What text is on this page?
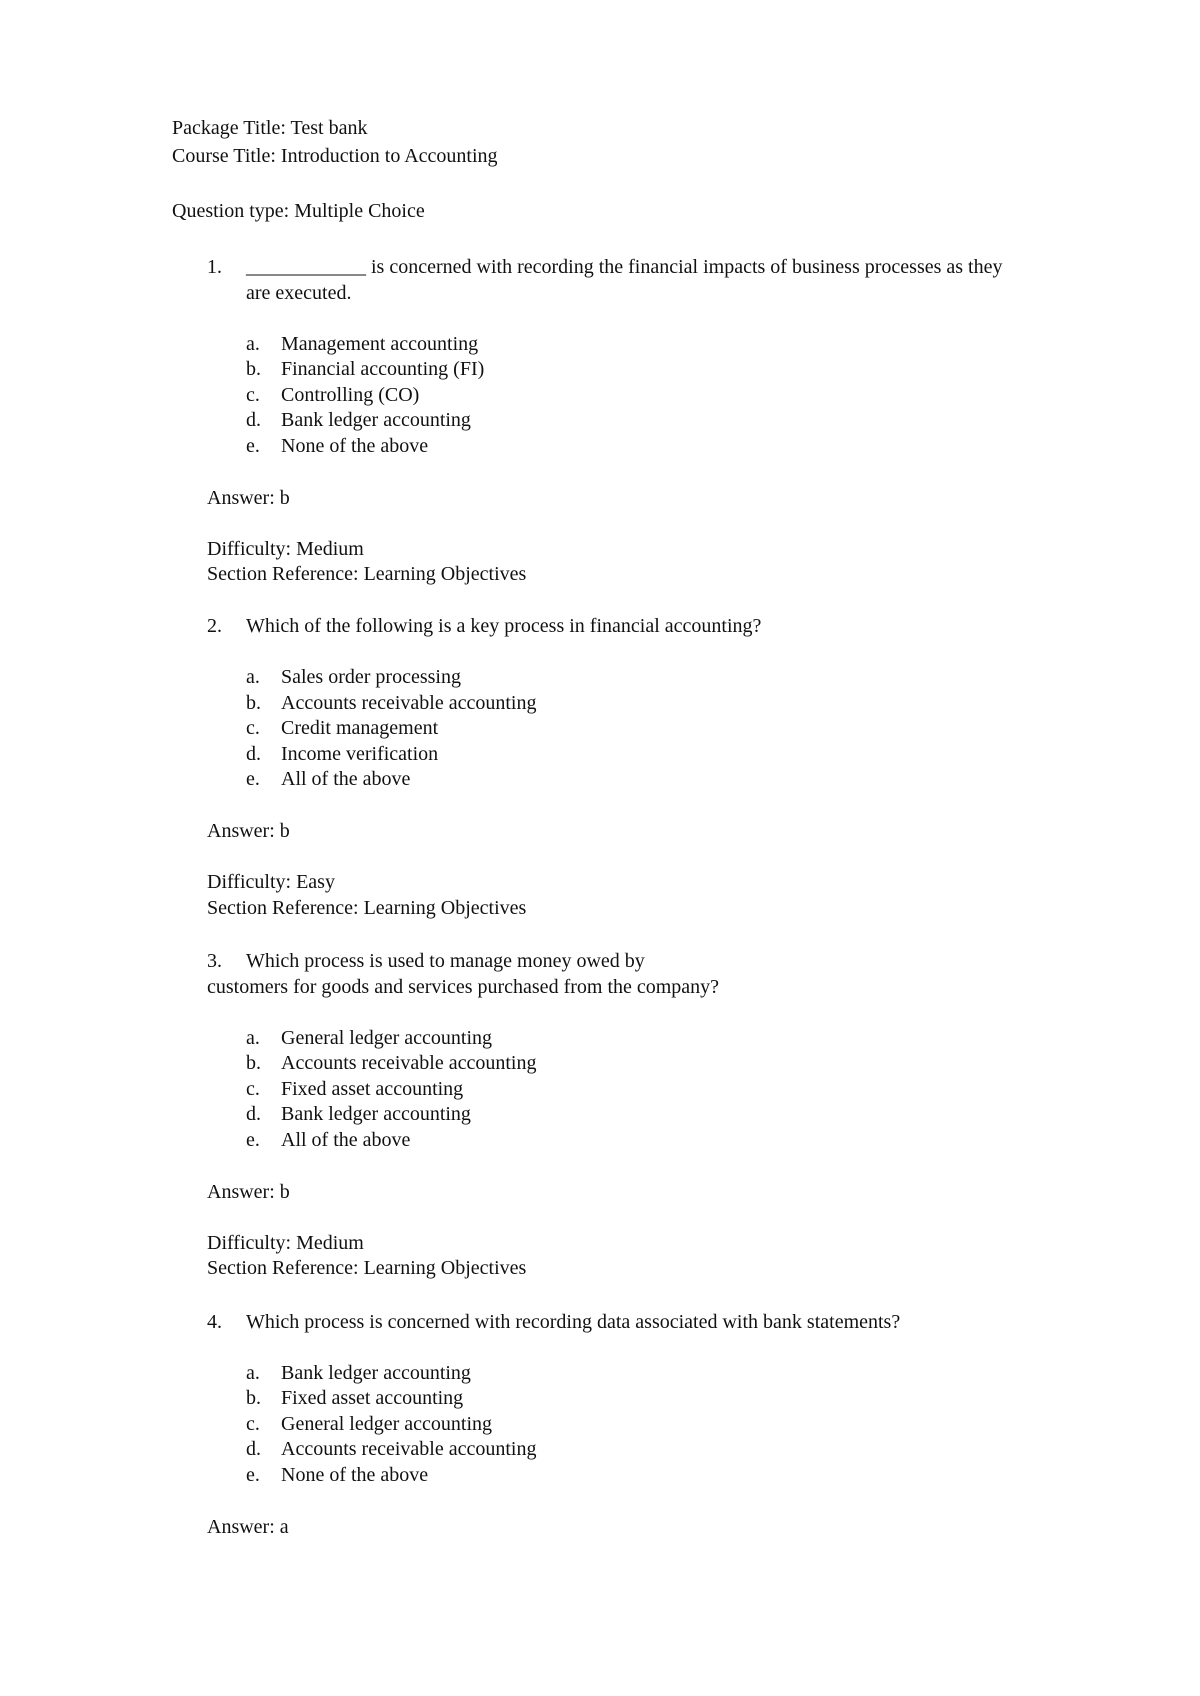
Package Title: Test bank
Course Title: Introduction to Accounting
Question type: Multiple Choice
1. ____________ is concerned with recording the financial impacts of business processes as they
are executed.
a. Management accounting
b. Financial accounting (FI)
c. Controlling (CO)
d. Bank ledger accounting
e. None of the above
Answer: b
Difficulty: Medium
Section Reference: Learning Objectives
2. Which of the following is a key process in financial accounting?
a. Sales order processing
b. Accounts receivable accounting
c. Credit management
d. Income verification
e. All of the above
Answer: b
Difficulty: Easy
Section Reference: Learning Objectives
3. Which process is used to manage money owed by
customers for goods and services purchased from the company?
a. General ledger accounting
b. Accounts receivable accounting
c. Fixed asset accounting
d. Bank ledger accounting
e. All of the above
Answer: b
Difficulty: Medium
Section Reference: Learning Objectives
4. Which process is concerned with recording data associated with bank statements?
a. Bank ledger accounting
b. Fixed asset accounting
c. General ledger accounting
d. Accounts receivable accounting
e. None of the above
Answer: a
